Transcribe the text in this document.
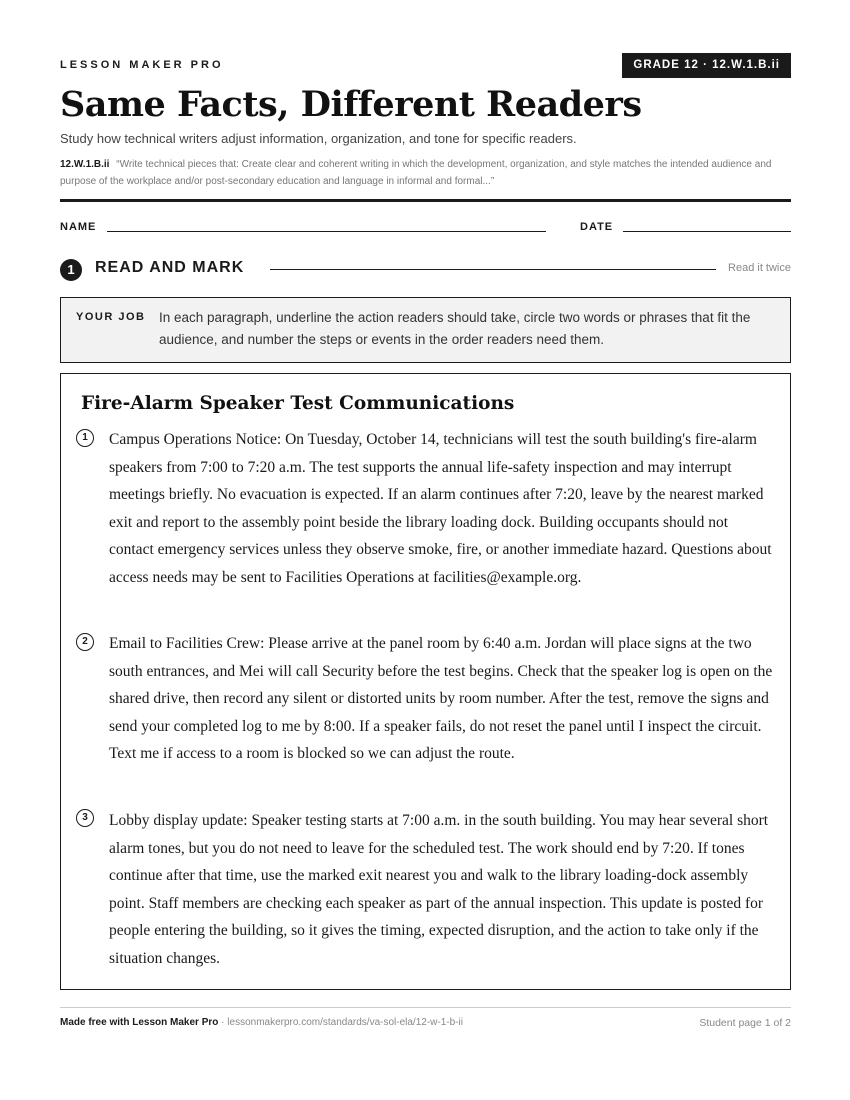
LESSON MAKER PRO	GRADE 12 · 12.W.1.B.ii
Same Facts, Different Readers
Study how technical writers adjust information, organization, and tone for specific readers.
12.W.1.B.ii “Write technical pieces that: Create clear and coherent writing in which the development, organization, and style matches the intended audience and purpose of the workplace and/or post-secondary education and language in informal and formal...”
NAME	DATE
1	READ AND MARK	Read it twice
YOUR JOB In each paragraph, underline the action readers should take, circle two words or phrases that fit the audience, and number the steps or events in the order readers need them.
Fire-Alarm Speaker Test Communications
1	Campus Operations Notice: On Tuesday, October 14, technicians will test the south building's fire-alarm speakers from 7:00 to 7:20 a.m. The test supports the annual life-safety inspection and may interrupt meetings briefly. No evacuation is expected. If an alarm continues after 7:20, leave by the nearest marked exit and report to the assembly point beside the library loading dock. Building occupants should not contact emergency services unless they observe smoke, fire, or another immediate hazard. Questions about access needs may be sent to Facilities Operations at facilities@example.org.
2	Email to Facilities Crew: Please arrive at the panel room by 6:40 a.m. Jordan will place signs at the two south entrances, and Mei will call Security before the test begins. Check that the speaker log is open on the shared drive, then record any silent or distorted units by room number. After the test, remove the signs and send your completed log to me by 8:00. If a speaker fails, do not reset the panel until I inspect the circuit. Text me if access to a room is blocked so we can adjust the route.
3	Lobby display update: Speaker testing starts at 7:00 a.m. in the south building. You may hear several short alarm tones, but you do not need to leave for the scheduled test. The work should end by 7:20. If tones continue after that time, use the marked exit nearest you and walk to the library loading-dock assembly point. Staff members are checking each speaker as part of the annual inspection. This update is posted for people entering the building, so it gives the timing, expected disruption, and the action to take only if the situation changes.
Made free with Lesson Maker Pro · lessonmakerpro.com/standards/va-sol-ela/12-w-1-b-ii	Student page 1 of 2
